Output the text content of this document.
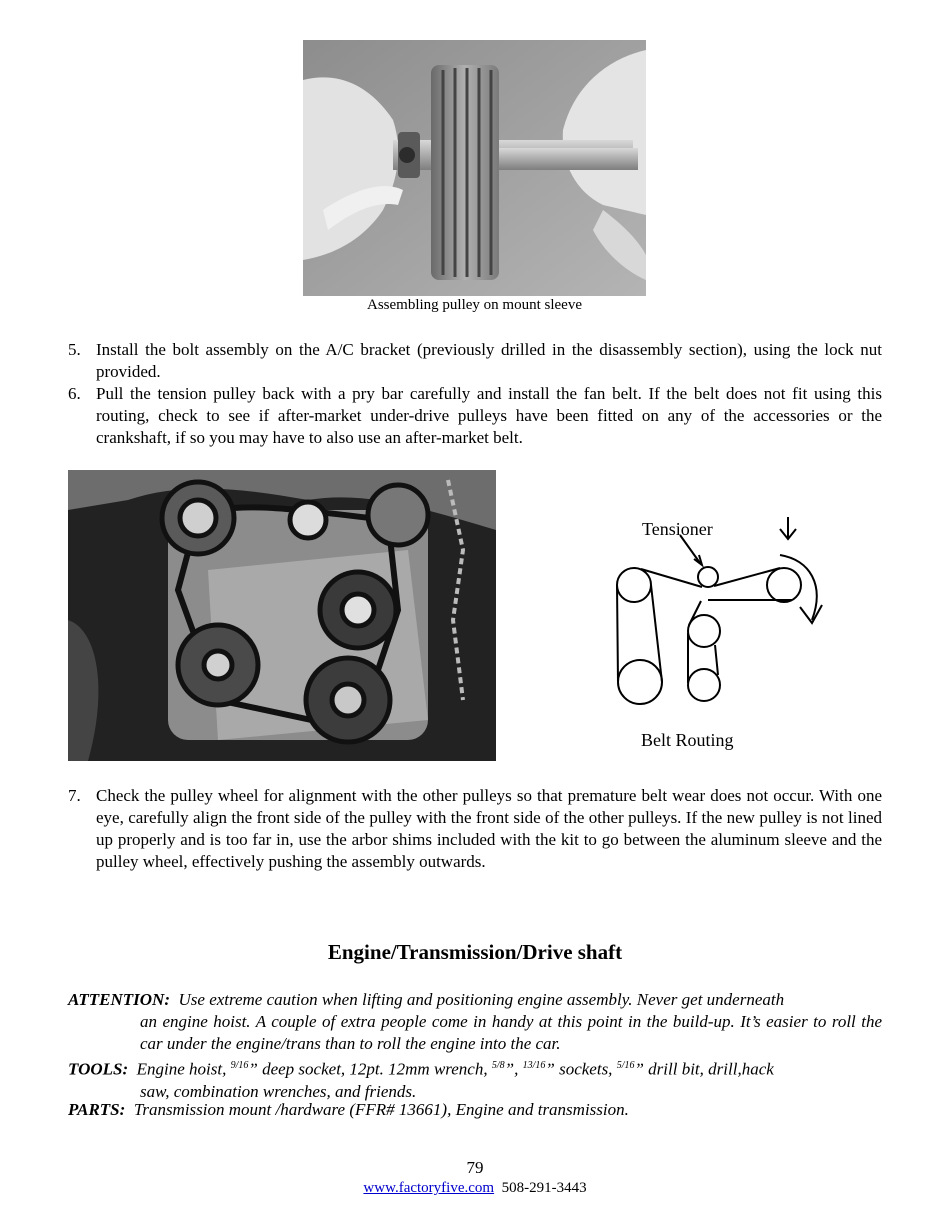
Assembling pulley on mount sleeve
5. Install the bolt assembly on the A/C bracket (previously drilled in the disassembly section), using the lock nut provided.
6. Pull the tension pulley back with a pry bar carefully and install the fan belt. If the belt does not fit using this routing, check to see if after-market under-drive pulleys have been fitted on any of the accessories or the crankshaft, if so you may have to also use an after-market belt.
Tensioner
Belt Routing
7. Check the pulley wheel for alignment with the other pulleys so that premature belt wear does not occur. With one eye, carefully align the front side of the pulley with the front side of the other pulleys. If the new pulley is not lined up properly and is too far in, use the arbor shims included with the kit to go between the aluminum sleeve and the pulley wheel, effectively pushing the assembly outwards.
Engine/Transmission/Drive shaft
ATTENTION: Use extreme caution when lifting and positioning engine assembly. Never get underneath
an engine hoist. A couple of extra people come in handy at this point in the build-up. It’s easier to roll the car under the engine/trans than to roll the engine into the car.
TOOLS: Engine hoist, $^{9/16}$” deep socket, 12pt. 12mm wrench, $^{5/8}$”, $^{13/16}$” sockets, $^{5/16}$” drill bit, drill,hack
saw, combination wrenches, and friends.
PARTS: Transmission mount /hardware (FFR# 13661), Engine and transmission.
79
www.factoryfive.com 508-291-3443
